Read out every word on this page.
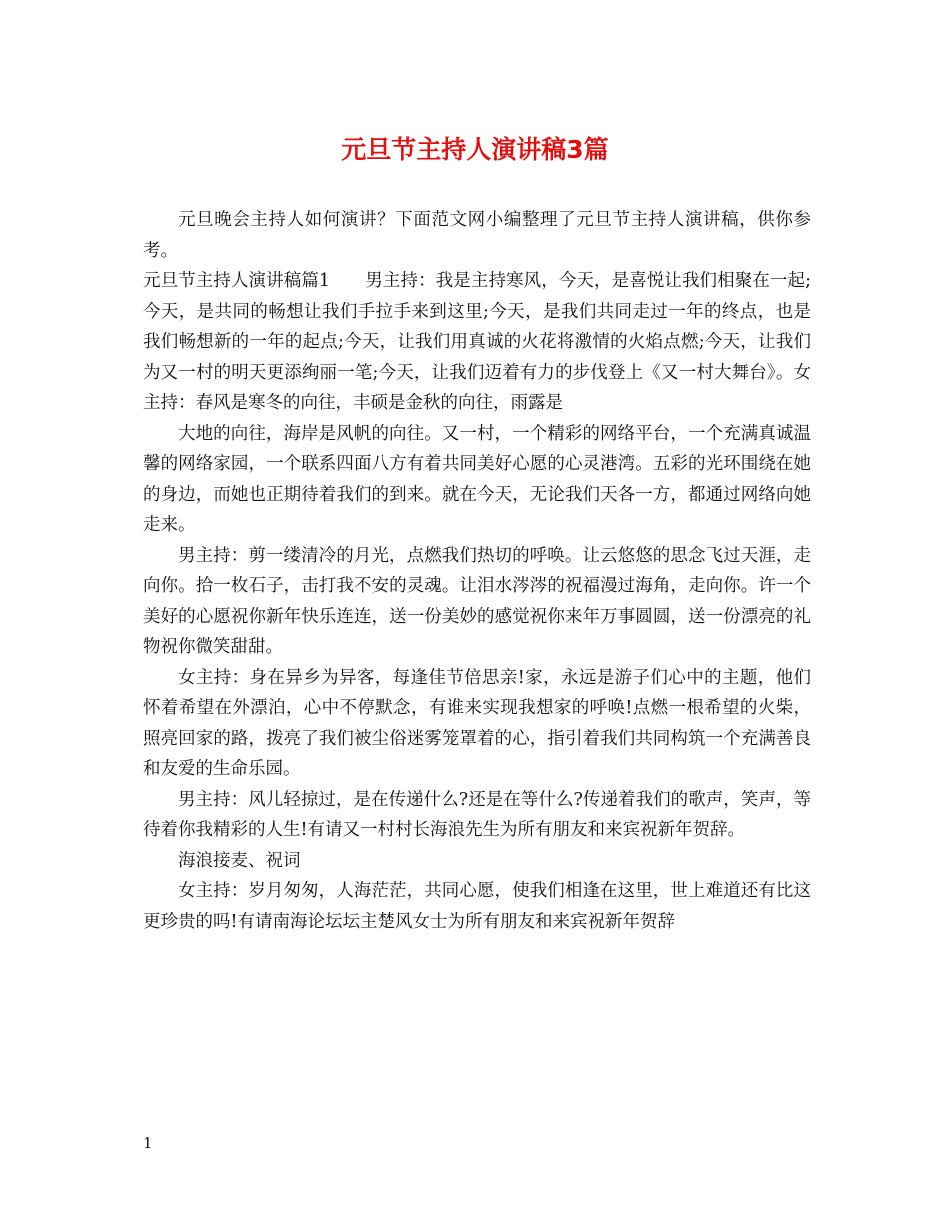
元旦节主持人演讲稿3篇

元旦晚会主持人如何演讲？下面范文网小编整理了元旦节主持人演讲稿，供你参考。

元旦节主持人演讲稿篇1　　男主持：我是主持寒风，今天，是喜悦让我们相聚在一起;今天，是共同的畅想让我们手拉手来到这里;今天，是我们共同走过一年的终点，也是我们畅想新的一年的起点;今天，让我们用真诚的火花将激情的火焰点燃;今天，让我们为又一村的明天更添绚丽一笔;今天，让我们迈着有力的步伐登上《又一村大舞台》。女主持：春风是寒冬的向往，丰硕是金秋的向往，雨露是

大地的向往，海岸是风帆的向往。又一村，一个精彩的网络平台，一个充满真诚温馨的网络家园，一个联系四面八方有着共同美好心愿的心灵港湾。五彩的光环围绕在她的身边，而她也正期待着我们的到来。就在今天，无论我们天各一方，都通过网络向她走来。

男主持：剪一缕清冷的月光，点燃我们热切的呼唤。让云悠悠的思念飞过天涯，走向你。拾一枚石子，击打我不安的灵魂。让泪水涔涔的祝福漫过海角，走向你。许一个美好的心愿祝你新年快乐连连，送一份美妙的感觉祝你来年万事圆圆，送一份漂亮的礼物祝你微笑甜甜。

女主持：身在异乡为异客，每逢佳节倍思亲!家，永远是游子们心中的主题，他们怀着希望在外漂泊，心中不停默念，有谁来实现我想家的呼唤!点燃一根希望的火柴，照亮回家的路，拨亮了我们被尘俗迷雾笼罩着的心，指引着我们共同构筑一个充满善良和友爱的生命乐园。

男主持：风儿轻掠过，是在传递什么?还是在等什么?传递着我们的歌声，笑声，等待着你我精彩的人生!有请又一村村长海浪先生为所有朋友和来宾祝新年贺辞。

海浪接麦、祝词

女主持：岁月匆匆，人海茫茫，共同心愿，使我们相逢在这里，世上难道还有比这更珍贵的吗!有请南海论坛坛主楚风女士为所有朋友和来宾祝新年贺辞

1
